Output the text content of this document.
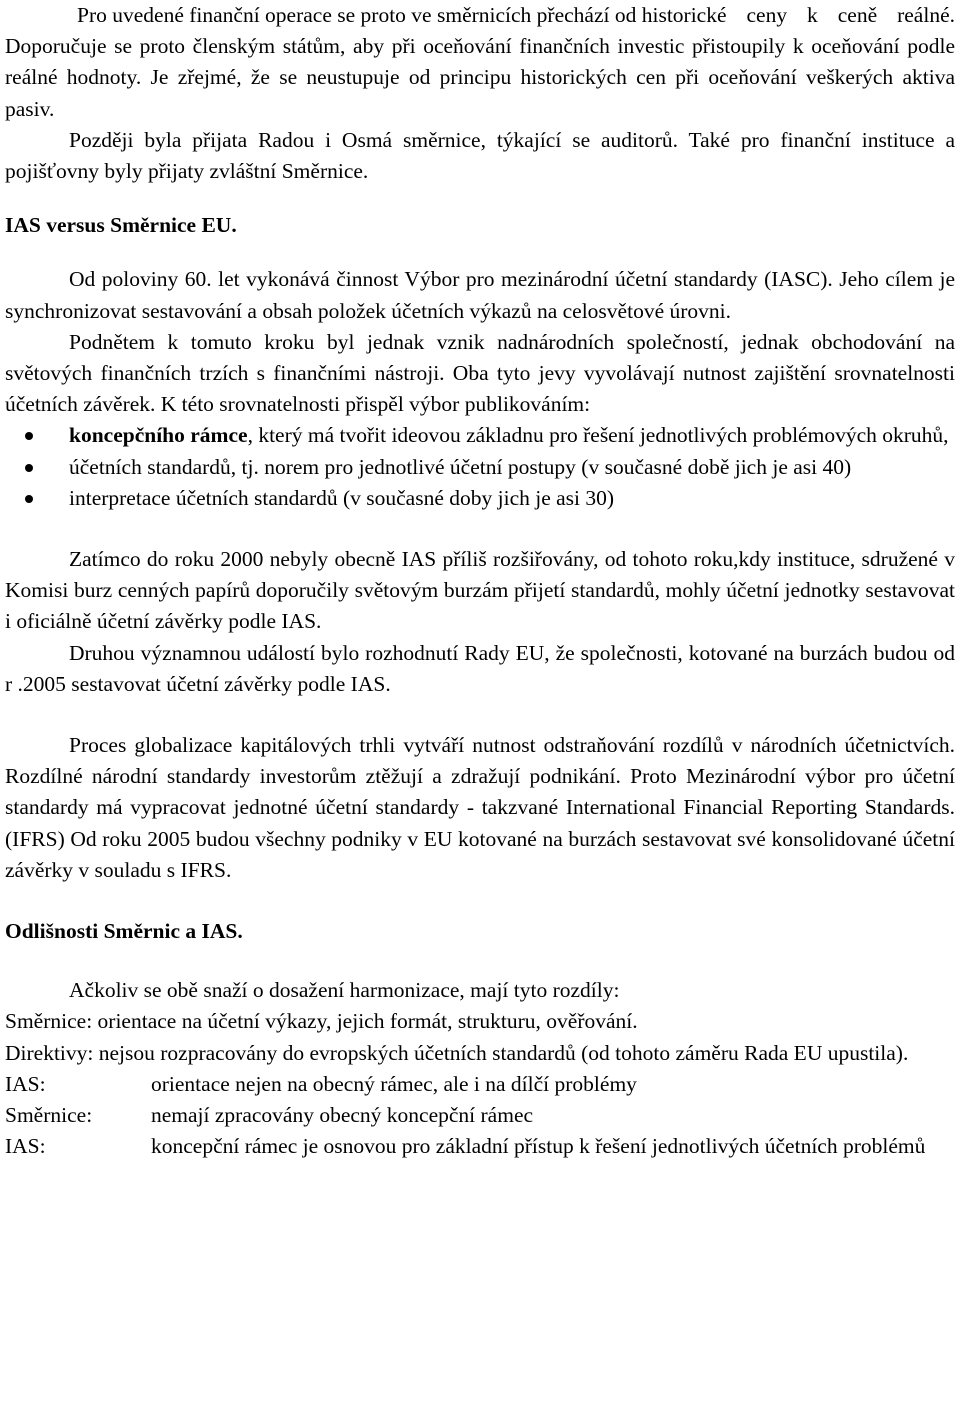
Pro uvedené finanční operace se proto ve směrnicích přechází od historické ceny k ceně reálné. Doporučuje se proto členským státům, aby při oceňování finančních investic přistoupily k oceňování podle reálné hodnoty. Je zřejmé, že se neustupuje od principu historických cen při oceňování veškerých aktiva pasiv.

Později byla přijata Radou i Osmá směrnice, týkající se auditorů. Také pro finanční instituce a pojišťovny byly přijaty zvláštní Směrnice.

IAS versus Směrnice EU.

Od poloviny 60. let vykonává činnost Výbor pro mezinárodní účetní standardy (IASC). Jeho cílem je synchronizovat sestavování a obsah položek účetních výkazů na celosvětové úrovni.

Podnětem k tomuto kroku byl jednak vznik nadnárodních společností, jednak obchodování na světových finančních trzích s finančními nástroji. Oba tyto jevy vyvolávají nutnost zajištění srovnatelnosti účetních závěrek. K této srovnatelnosti přispěl výbor publikováním:

koncepčního rámce, který má tvořit ideovou základnu pro řešení jednotlivých problémových okruhů,
účetních standardů, tj. norem pro jednotlivé účetní postupy (v současné době jich je asi 40)
interpretace účetních standardů (v současné doby jich je asi 30)

Zatímco do roku 2000 nebyly obecně IAS příliš rozšiřovány, od tohoto roku,kdy instituce, sdružené v Komisi burz cenných papírů doporučily světovým burzám přijetí standardů, mohly účetní jednotky sestavovat i oficiálně účetní závěrky podle IAS.

Druhou významnou událostí bylo rozhodnutí Rady EU, že společnosti, kotované na burzách budou od r .2005 sestavovat účetní závěrky podle IAS.

Proces globalizace kapitálových trhli vytváří nutnost odstraňování rozdílů v národních účetnictvích. Rozdílné národní standardy investorům ztěžují a zdražují podnikání. Proto Mezinárodní výbor pro účetní standardy má vypracovat jednotné účetní standardy - takzvané International Financial Reporting Standards. (IFRS) Od roku 2005 budou všechny podniky v EU kotované na burzách sestavovat své konsolidované účetní závěrky v souladu s IFRS.

Odlišnosti Směrnic a IAS.

Ačkoliv se obě snaží o dosažení harmonizace, mají tyto rozdíly:

Směrnice: orientace na účetní výkazy, jejich formát, strukturu, ověřování.

Direktivy: nejsou rozpracovány do evropských účetních standardů (od tohoto záměru Rada EU upustila).

IAS:	orientace nejen na obecný rámec, ale i na dílčí problémy
Směrnice:	nemají zpracovány obecný koncepční rámec
IAS:	koncepční rámec je osnovou pro základní přístup k řešení jednotlivých účetních problémů
